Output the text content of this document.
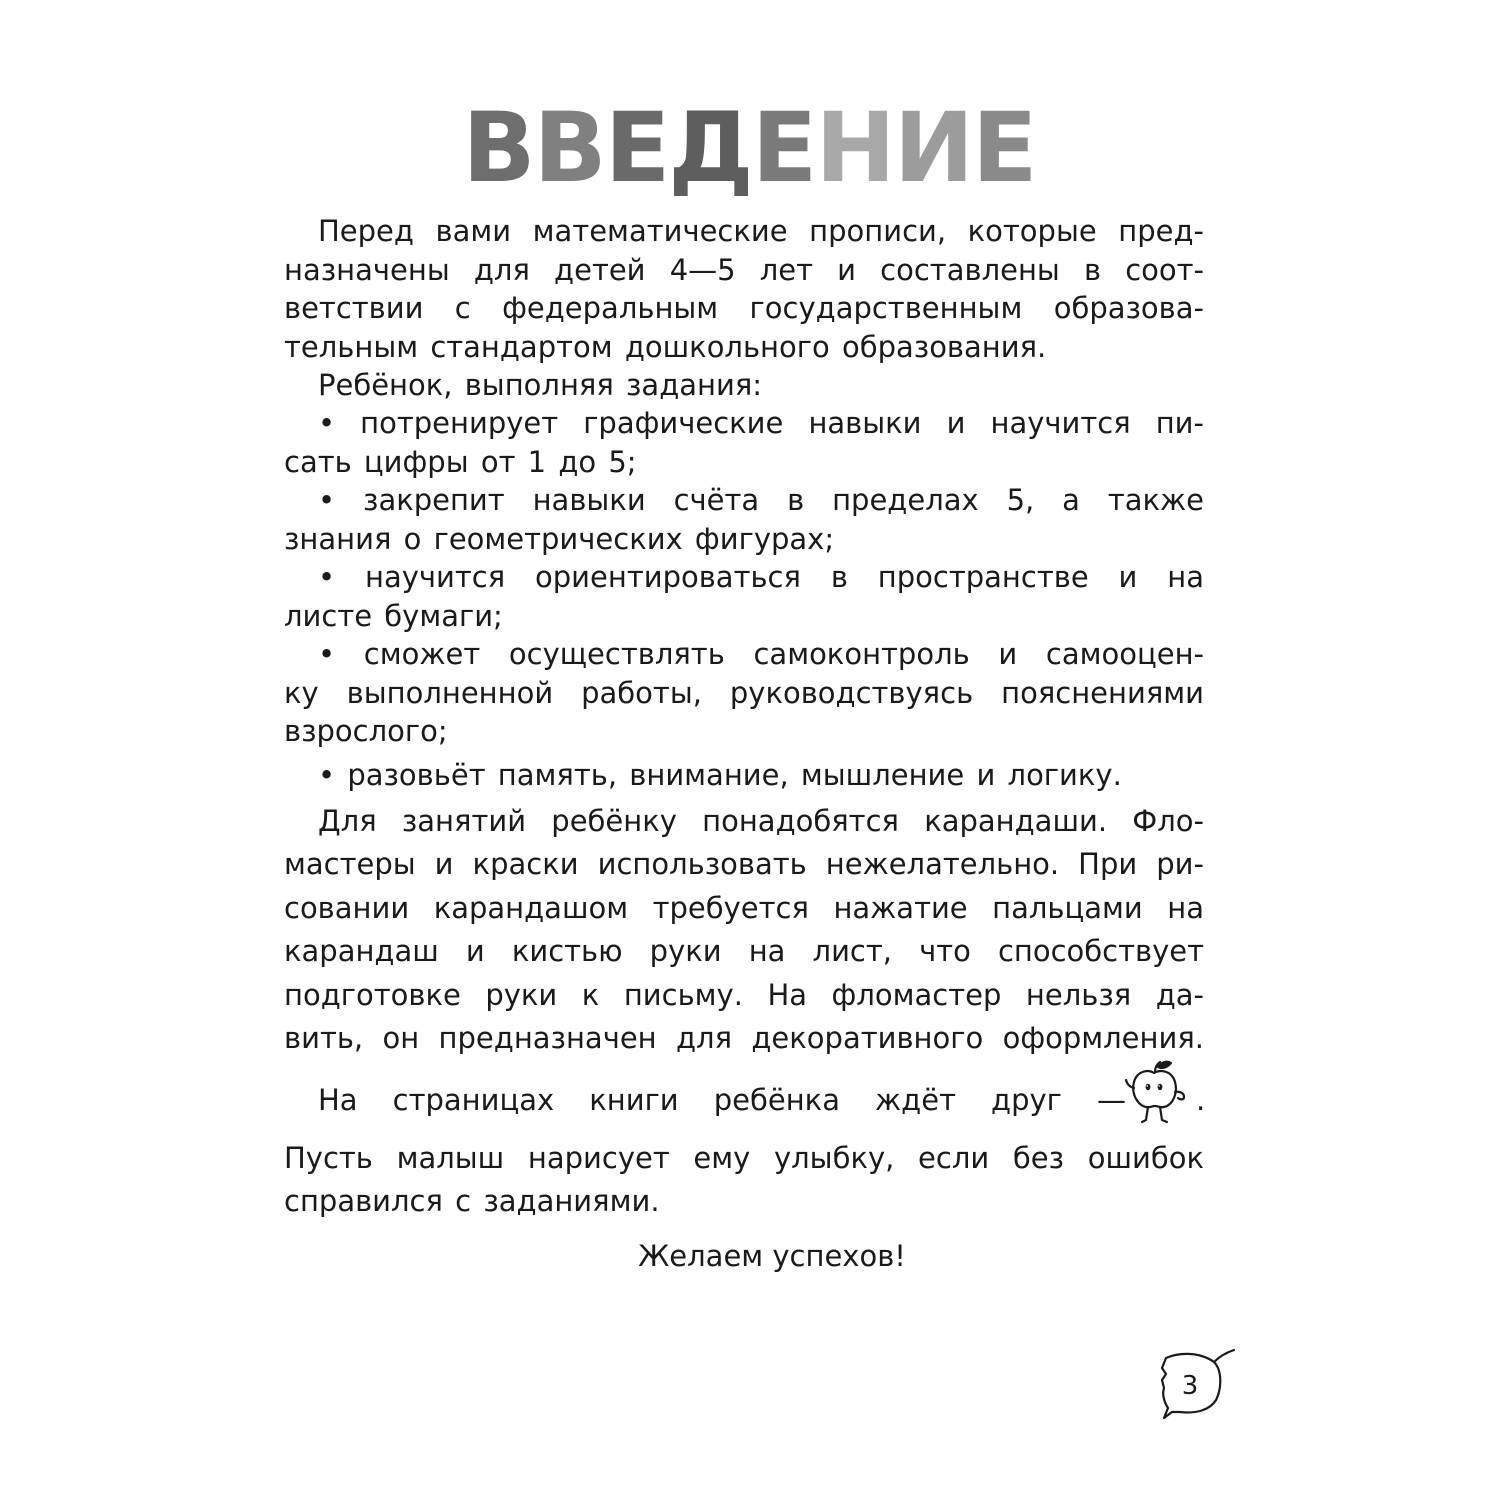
ВВЕДЕНИЕ
Перед вами математические прописи, которые пред-
назначены для детей 4—5 лет и составлены в соот-
ветствии с федеральным государственным образова-
тельным стандартом дошкольного образования.
Ребёнок, выполняя задания:
• потренирует графические навыки и научится пи-
сать цифры от 1 до 5;
• закрепит навыки счёта в пределах 5, а также
знания о геометрических фигурах;
• научится ориентироваться в пространстве и на
листе бумаги;
• сможет осуществлять самоконтроль и самооцен-
ку выполненной работы, руководствуясь пояснениями
взрослого;
• разовьёт память, внимание, мышление и логику.
Для занятий ребёнку понадобятся карандаши. Фло-
мастеры и краски использовать нежелательно. При ри-
совании карандашом требуется нажатие пальцами на
карандаш и кистью руки на лист, что способствует
подготовке руки к письму. На фломастер нельзя да-
вить, он предназначен для декоративного оформления.
На страницах книги ребёнка ждёт друг — .
Пусть малыш нарисует ему улыбку, если без ошибок
справился с заданиями.
Желаем успехов!
3
